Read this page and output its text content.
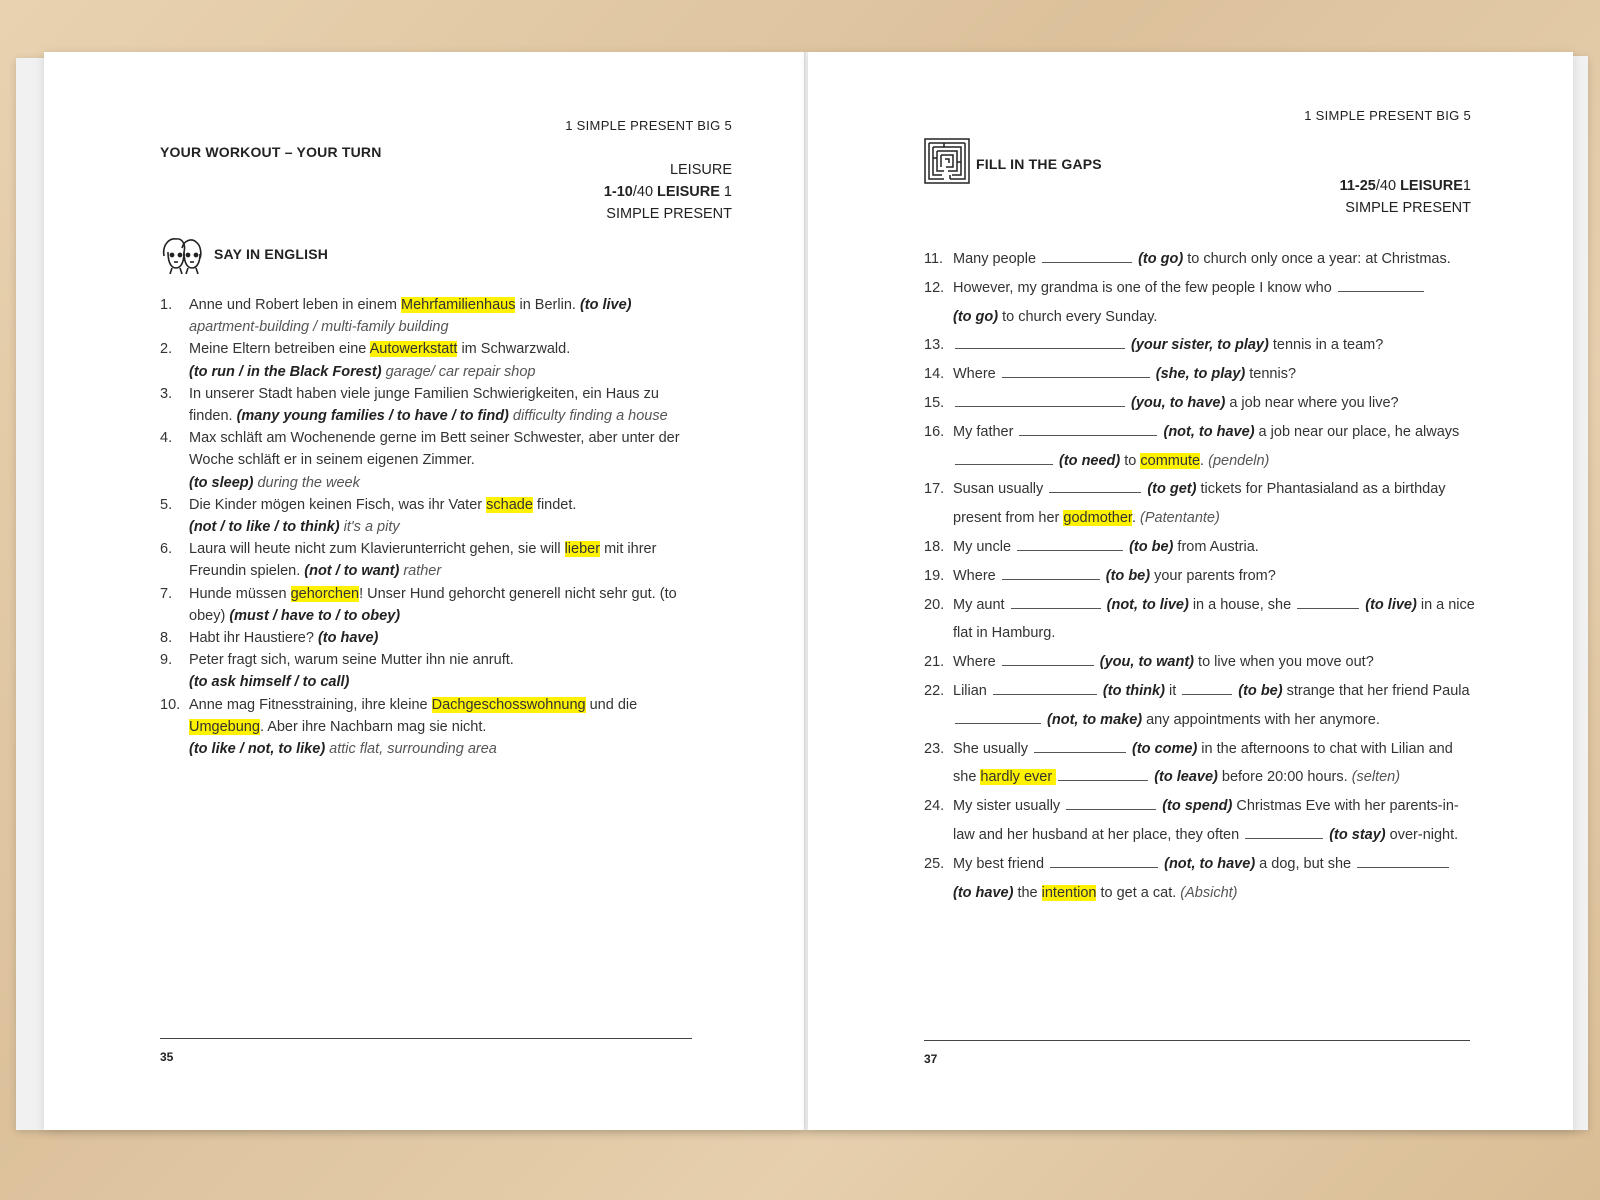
1 SIMPLE PRESENT BIG 5
YOUR WORKOUT – YOUR TURN
LEISURE
1-10/40 LEISURE 1
SIMPLE PRESENT
SAY IN ENGLISH
1. Anne und Robert leben in einem Mehrfamilienhaus in Berlin. (to live)
apartment-building / multi-family building
2. Meine Eltern betreiben eine Autowerkstatt im Schwarzwald.
(to run / in the Black Forest) garage/ car repair shop
3. In unserer Stadt haben viele junge Familien Schwierigkeiten, ein Haus zu finden. (many young families / to have / to find) difficulty finding a house
4. Max schläft am Wochenende gerne im Bett seiner Schwester, aber unter der Woche schläft er in seinem eigenen Zimmer.
(to sleep) during the week
5. Die Kinder mögen keinen Fisch, was ihr Vater schade findet.
(not / to like / to think) it's a pity
6. Laura will heute nicht zum Klavierunterricht gehen, sie will lieber mit ihrer Freundin spielen. (not / to want) rather
7. Hunde müssen gehorchen! Unser Hund gehorcht generell nicht sehr gut. (to obey) (must / have to / to obey)
8. Habt ihr Haustiere? (to have)
9. Peter fragt sich, warum seine Mutter ihn nie anruft.
(to ask himself / to call)
10. Anne mag Fitnesstraining, ihre kleine Dachgeschosswohnung und die Umgebung. Aber ihre Nachbarn mag sie nicht.
(to like / not, to like) attic flat, surrounding area
35
1 SIMPLE PRESENT BIG 5
FILL IN THE GAPS
11-25/40 LEISURE1
SIMPLE PRESENT
11. Many people	(to go) to church only once a year: at Christmas.
12. However, my grandma is one of the few people I know who
(to go) to church every Sunday.
13.	(your sister, to play) tennis in a team?
14. Where	(she, to play) tennis?
15.	(you, to have) a job near where you live?
16. My father	(not, to have) a job near our place, he always
(to need) to commute. (pendeln)
17. Susan usually	(to get) tickets for Phantasialand as a birthday present from her godmother. (Patentante)
18. My uncle	(to be) from Austria.
19. Where	(to be) your parents from?
20. My aunt	(not, to live) in a house, she	(to live) in a nice flat in Hamburg.
21. Where	(you, to want) to live when you move out?
22. Lilian	(to think) it	(to be) strange that her friend Paula  (not, to make) any appointments with her anymore.
23. She usually	(to come) in the afternoons to chat with Lilian and she hardly ever	(to leave) before 20:00 hours. (selten)
24. My sister usually	(to spend) Christmas Eve with her parents-in-law and her husband at her place, they often	(to stay) over-night.
25. My best friend	(not, to have) a dog, but she
(to have) the intention to get a cat. (Absicht)
37
